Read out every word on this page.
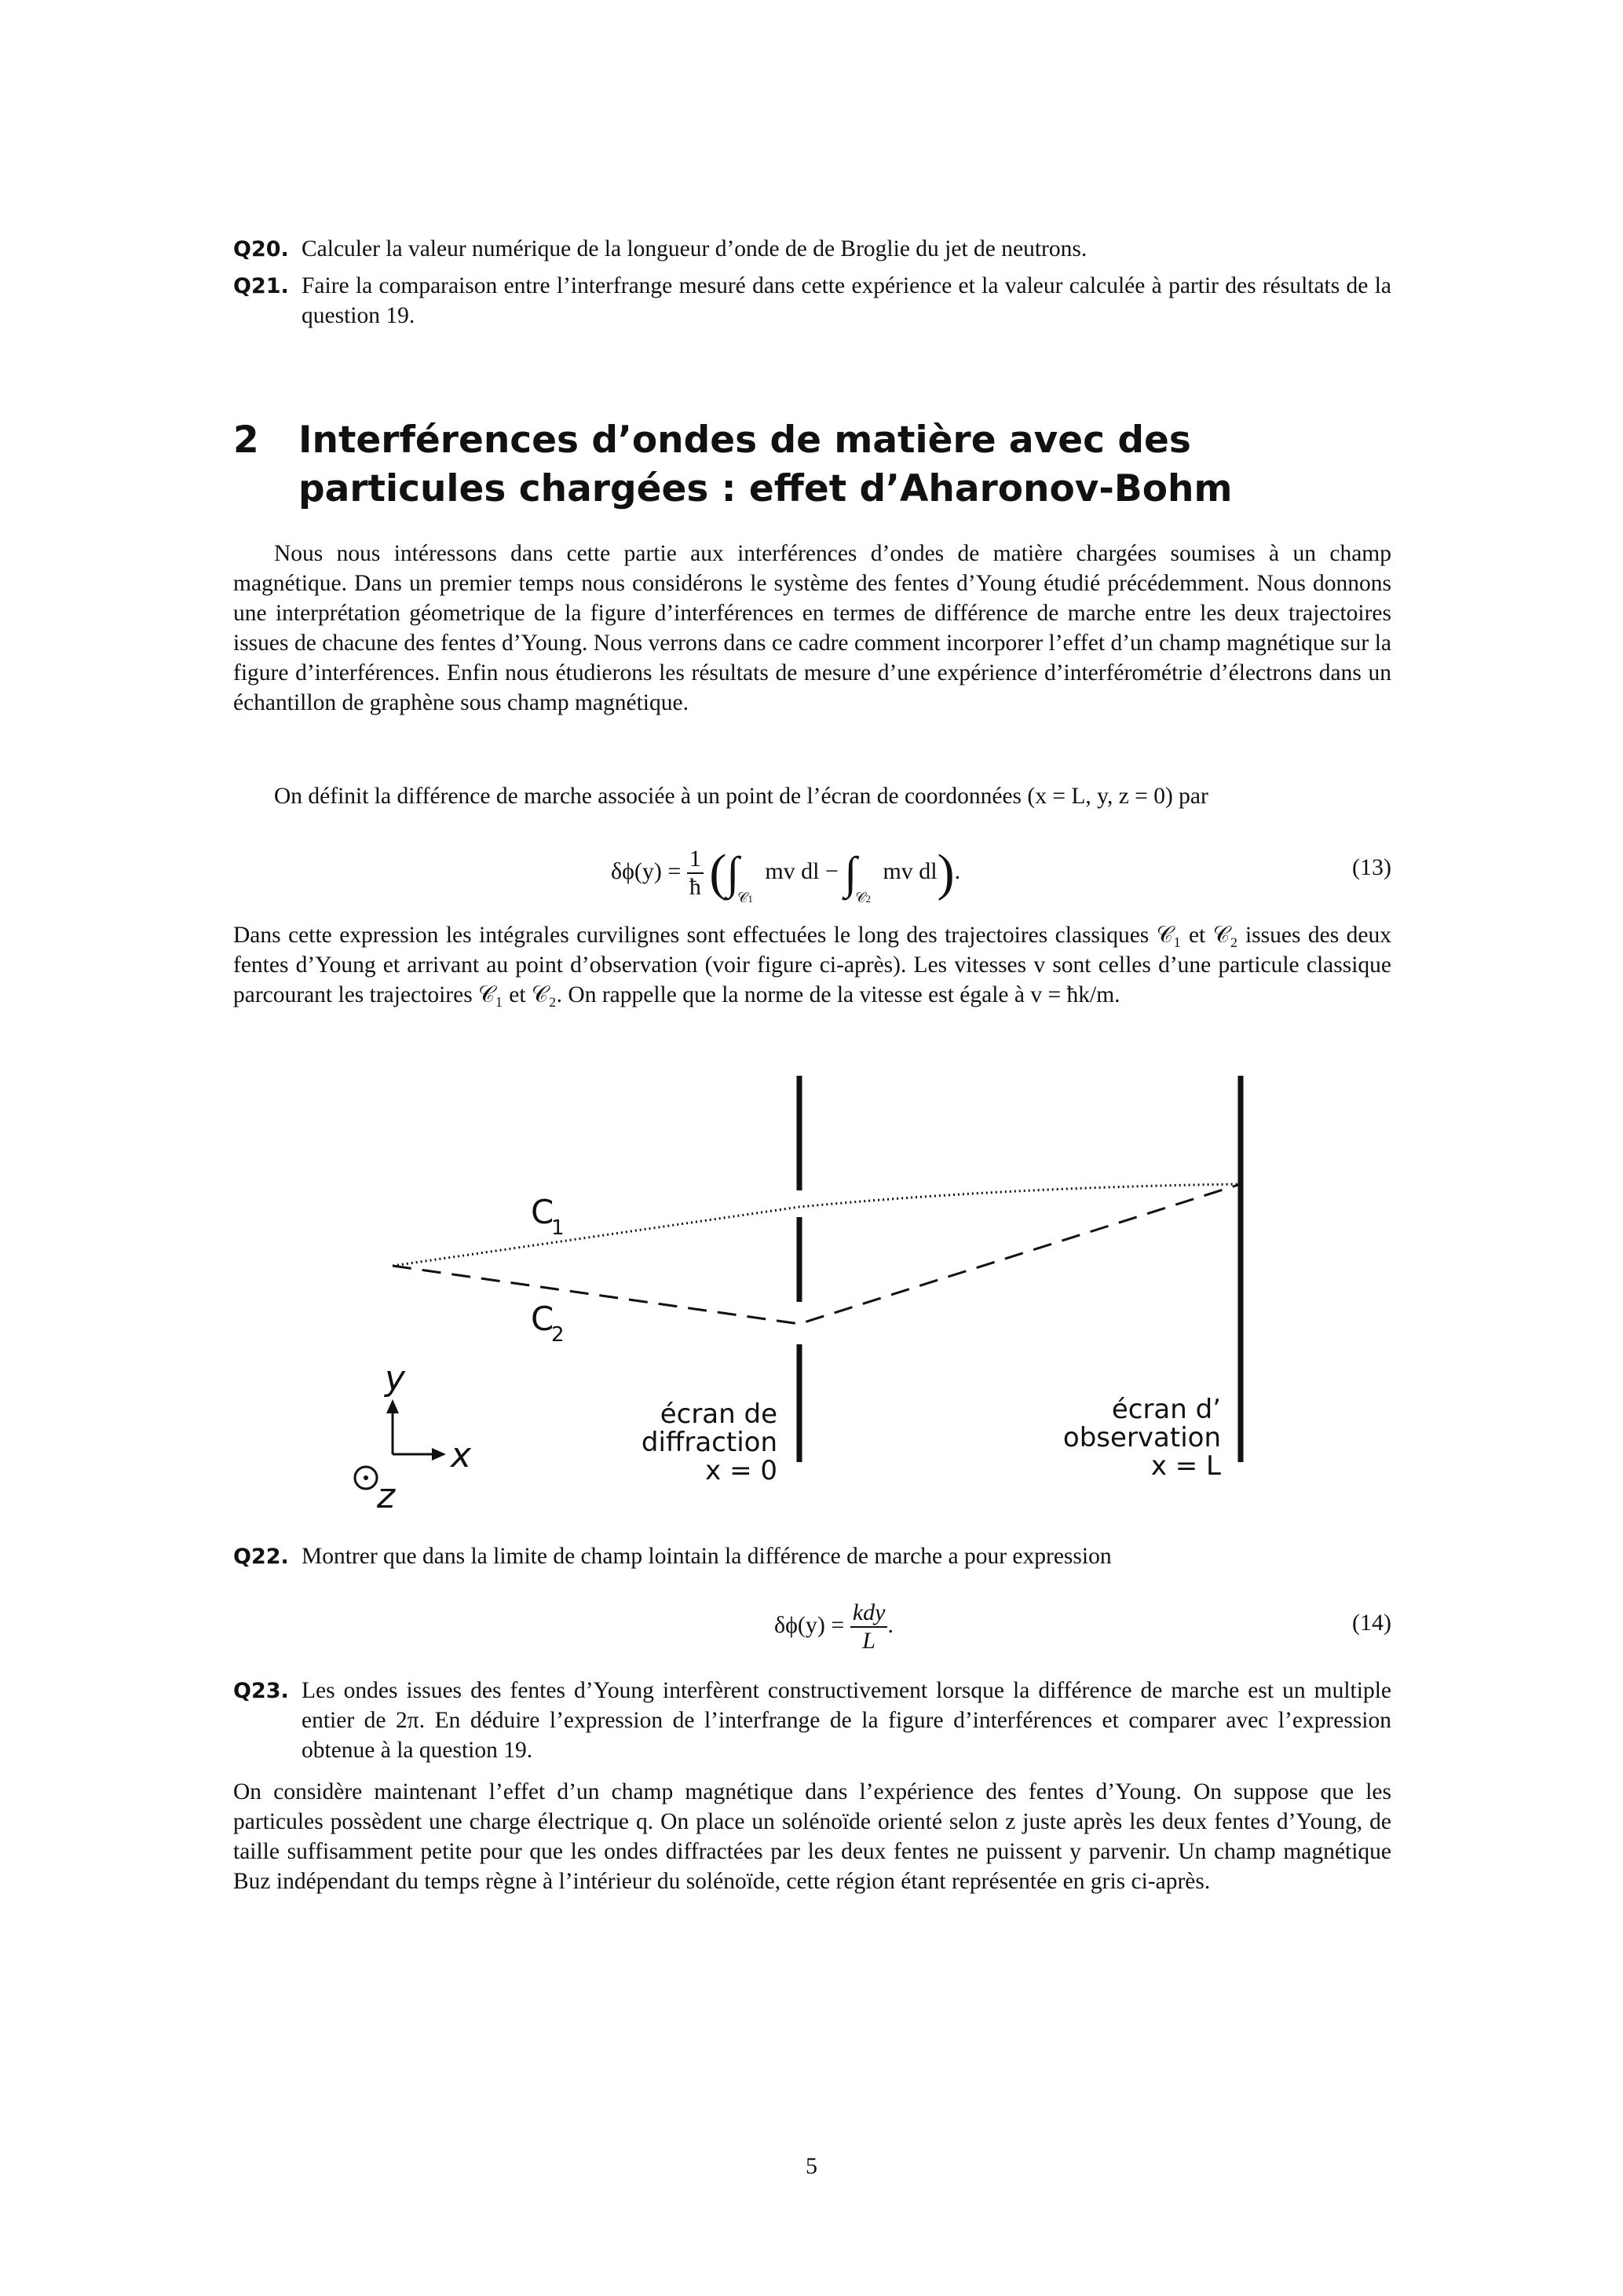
Q20. Calculer la valeur numérique de la longueur d’onde de de Broglie du jet de neutrons.
Q21. Faire la comparaison entre l’interfrange mesuré dans cette expérience et la valeur calculée à partir des résultats de la question 19.
2 Interférences d’ondes de matière avec des particules chargées : effet d’Aharonov-Bohm
Nous nous intéressons dans cette partie aux interférences d’ondes de matière chargées soumises à un champ magnétique. Dans un premier temps nous considérons le système des fentes d’Young étudié précédemment. Nous donnons une interprétation géometrique de la figure d’interférences en termes de différence de marche entre les deux trajectoires issues de chacune des fentes d’Young. Nous verrons dans ce cadre comment incorporer l’effet d’un champ magnétique sur la figure d’interférences. Enfin nous étudierons les résultats de mesure d’une expérience d’interférométrie d’électrons dans un échantillon de graphène sous champ magnétique.
On définit la différence de marche associée à un point de l’écran de coordonnées (x = L, y, z = 0) par
$\delta\phi(y) = \frac{1}{ħ} (\int_{𝒞1}$ mv dl − $\int_{𝒞2}$ mv dl).	(13)
Dans cette expression les intégrales curvilignes sont effectuées le long des trajectoires classiques 𝒞₁ et 𝒞₂ issues des deux fentes d’Young et arrivant au point d’observation (voir figure ci-après). Les vitesses v sont celles d’une particule classique parcourant les trajectoires 𝒞₁ et 𝒞₂. On rappelle que la norme de la vitesse est égale à v = ħk/m.
C
1
C
2
y
x
z
écran de
diffraction
x = 0
écran d’
observation
x = L
Q22. Montrer que dans la limite de champ lointain la différence de marche a pour expression
$\delta\phi(y) = \frac{\text{kdy}}{L}$ .	(14)
Q23. Les ondes issues des fentes d’Young interfèrent constructivement lorsque la différence de marche est un multiple entier de 2π. En déduire l’expression de l’interfrange de la figure d’interférences et comparer avec l’expression obtenue à la question 19.
On considère maintenant l’effet d’un champ magnétique dans l’expérience des fentes d’Young. On suppose que les particules possèdent une charge électrique q. On place un solénoïde orienté selon z juste après les deux fentes d’Young, de taille suffisamment petite pour que les ondes diffractées par les deux fentes ne puissent y parvenir. Un champ magnétique Buz indépendant du temps règne à l’intérieur du solénoïde, cette région étant représentée en gris ci-après.
5
